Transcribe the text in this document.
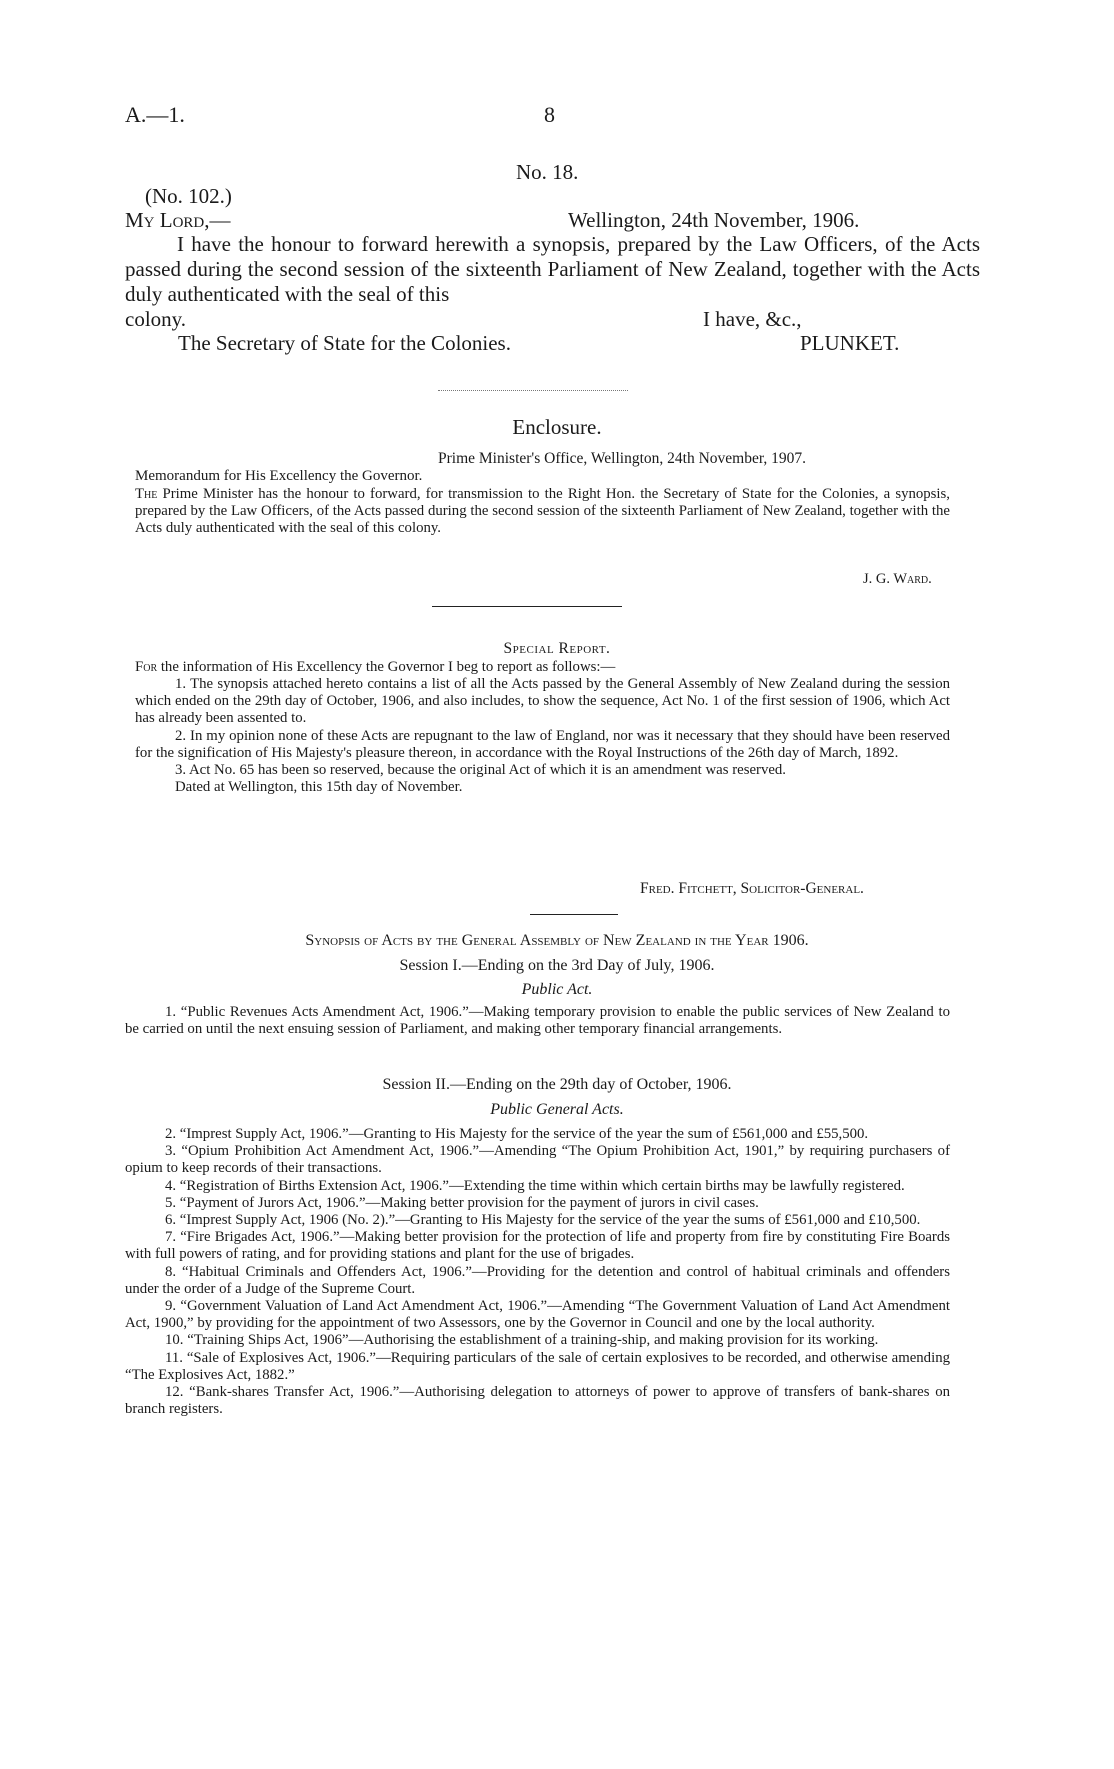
A.—1.	8
No. 18.
(No. 102.)
My Lord,—	Wellington, 24th November, 1906.
I have the honour to forward herewith a synopsis, prepared by the Law Officers, of the Acts passed during the second session of the sixteenth Parliament of New Zealand, together with the Acts duly authenticated with the seal of this
colony.	I have, &c.,
The Secretary of State for the Colonies.	PLUNKET.
Enclosure.
Prime Minister's Office, Wellington, 24th November, 1907.
Memorandum for His Excellency the Governor.

The Prime Minister has the honour to forward, for transmission to the Right Hon. the Secretary of State for the Colonies, a synopsis, prepared by the Law Officers, of the Acts passed during the second session of the sixteenth Parliament of New Zealand, together with the Acts duly authenticated with the seal of this colony.

J. G. Ward.
Special Report.

For the information of His Excellency the Governor I beg to report as follows:—

1. The synopsis attached hereto contains a list of all the Acts passed by the General Assembly of New Zealand during the session which ended on the 29th day of October, 1906, and also includes, to show the sequence, Act No. 1 of the first session of 1906, which Act has already been assented to.

2. In my opinion none of these Acts are repugnant to the law of England, nor was it necessary that they should have been reserved for the signification of His Majesty's pleasure thereon, in accordance with the Royal Instructions of the 26th day of March, 1892.

3. Act No. 65 has been so reserved, because the original Act of which it is an amendment was reserved.

Dated at Wellington, this 15th day of November.

Fred. Fitchett, Solicitor-General.
Synopsis of Acts by the General Assembly of New Zealand in the Year 1906.
Session I.—Ending on the 3rd Day of July, 1906.
Public Act.

1. “Public Revenues Acts Amendment Act, 1906.”—Making temporary provision to enable the public services of New Zealand to be carried on until the next ensuing session of Parliament, and making other temporary financial arrangements.

Session II.—Ending on the 29th day of October, 1906.
Public General Acts.

2. “Imprest Supply Act, 1906.”—Granting to His Majesty for the service of the year the sum of £561,000 and £55,500.

3. “Opium Prohibition Act Amendment Act, 1906.”—Amending “The Opium Prohibition Act, 1901,” by requiring purchasers of opium to keep records of their transactions.

4. “Registration of Births Extension Act, 1906.”—Extending the time within which certain births may be lawfully registered.

5. “Payment of Jurors Act, 1906.”—Making better provision for the payment of jurors in civil cases.

6. “Imprest Supply Act, 1906 (No. 2).”—Granting to His Majesty for the service of the year the sums of £561,000 and £10,500.

7. “Fire Brigades Act, 1906.”—Making better provision for the protection of life and property from fire by constituting Fire Boards with full powers of rating, and for providing stations and plant for the use of brigades.

8. “Habitual Criminals and Offenders Act, 1906.”—Providing for the detention and control of habitual criminals and offenders under the order of a Judge of the Supreme Court.

9. “Government Valuation of Land Act Amendment Act, 1906.”—Amending “The Government Valuation of Land Act Amendment Act, 1900,” by providing for the appointment of two Assessors, one by the Governor in Council and one by the local authority.

10. “Training Ships Act, 1906”—Authorising the establishment of a training-ship, and making provision for its working.

11. “Sale of Explosives Act, 1906.”—Requiring particulars of the sale of certain explosives to be recorded, and otherwise amending “The Explosives Act, 1882.”

12. “Bank-shares Transfer Act, 1906.”—Authorising delegation to attorneys of power to approve of transfers of bank-shares on branch registers.
